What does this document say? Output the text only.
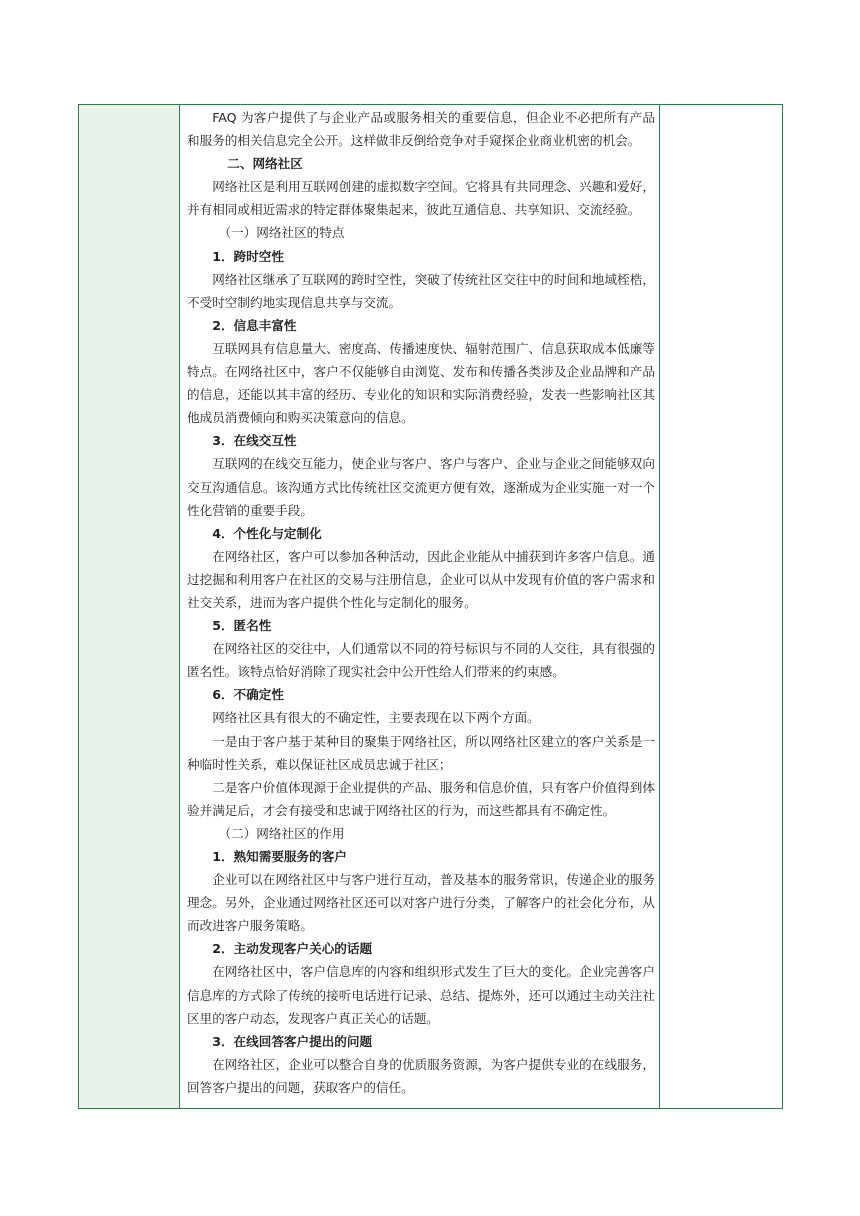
FAQ 为客户提供了与企业产品或服务相关的重要信息，但企业不必把所有产品和服务的相关信息完全公开。这样做非反倒给竞争对手窥探企业商业机密的机会。

二、网络社区

网络社区是利用互联网创建的虚拟数字空间。它将具有共同理念、兴趣和爱好，并有相同或相近需求的特定群体聚集起来，彼此互通信息、共享知识、交流经验。

（一）网络社区的特点

1．跨时空性

网络社区继承了互联网的跨时空性，突破了传统社区交往中的时间和地域桎梏，不受时空制约地实现信息共享与交流。

2．信息丰富性

互联网具有信息量大、密度高、传播速度快、辐射范围广、信息获取成本低廉等特点。在网络社区中，客户不仅能够自由浏览、发布和传播各类涉及企业品牌和产品的信息，还能以其丰富的经历、专业化的知识和实际消费经验，发表一些影响社区其他成员消费倾向和购买决策意向的信息。

3．在线交互性

互联网的在线交互能力，使企业与客户、客户与客户、企业与企业之间能够双向交互沟通信息。该沟通方式比传统社区交流更方便有效，逐渐成为企业实施一对一个性化营销的重要手段。

4．个性化与定制化

在网络社区，客户可以参加各种活动，因此企业能从中捕获到许多客户信息。通过挖掘和利用客户在社区的交易与注册信息，企业可以从中发现有价值的客户需求和社交关系，进而为客户提供个性化与定制化的服务。

5．匿名性

在网络社区的交往中，人们通常以不同的符号标识与不同的人交往，具有很强的匿名性。该特点恰好消除了现实社会中公开性给人们带来的约束感。

6．不确定性

网络社区具有很大的不确定性，主要表现在以下两个方面。

一是由于客户基于某种目的聚集于网络社区，所以网络社区建立的客户关系是一种临时性关系，难以保证社区成员忠诚于社区；

二是客户价值体现源于企业提供的产品、服务和信息价值，只有客户价值得到体验并满足后，才会有接受和忠诚于网络社区的行为，而这些都具有不确定性。

（二）网络社区的作用

1．熟知需要服务的客户

企业可以在网络社区中与客户进行互动，普及基本的服务常识，传递企业的服务理念。另外，企业通过网络社区还可以对客户进行分类，了解客户的社会化分布，从而改进客户服务策略。

2．主动发现客户关心的话题

在网络社区中，客户信息库的内容和组织形式发生了巨大的变化。企业完善客户信息库的方式除了传统的接听电话进行记录、总结、提炼外，还可以通过主动关注社区里的客户动态，发现客户真正关心的话题。

3．在线回答客户提出的问题

在网络社区，企业可以整合自身的优质服务资源，为客户提供专业的在线服务，回答客户提出的问题，获取客户的信任。
